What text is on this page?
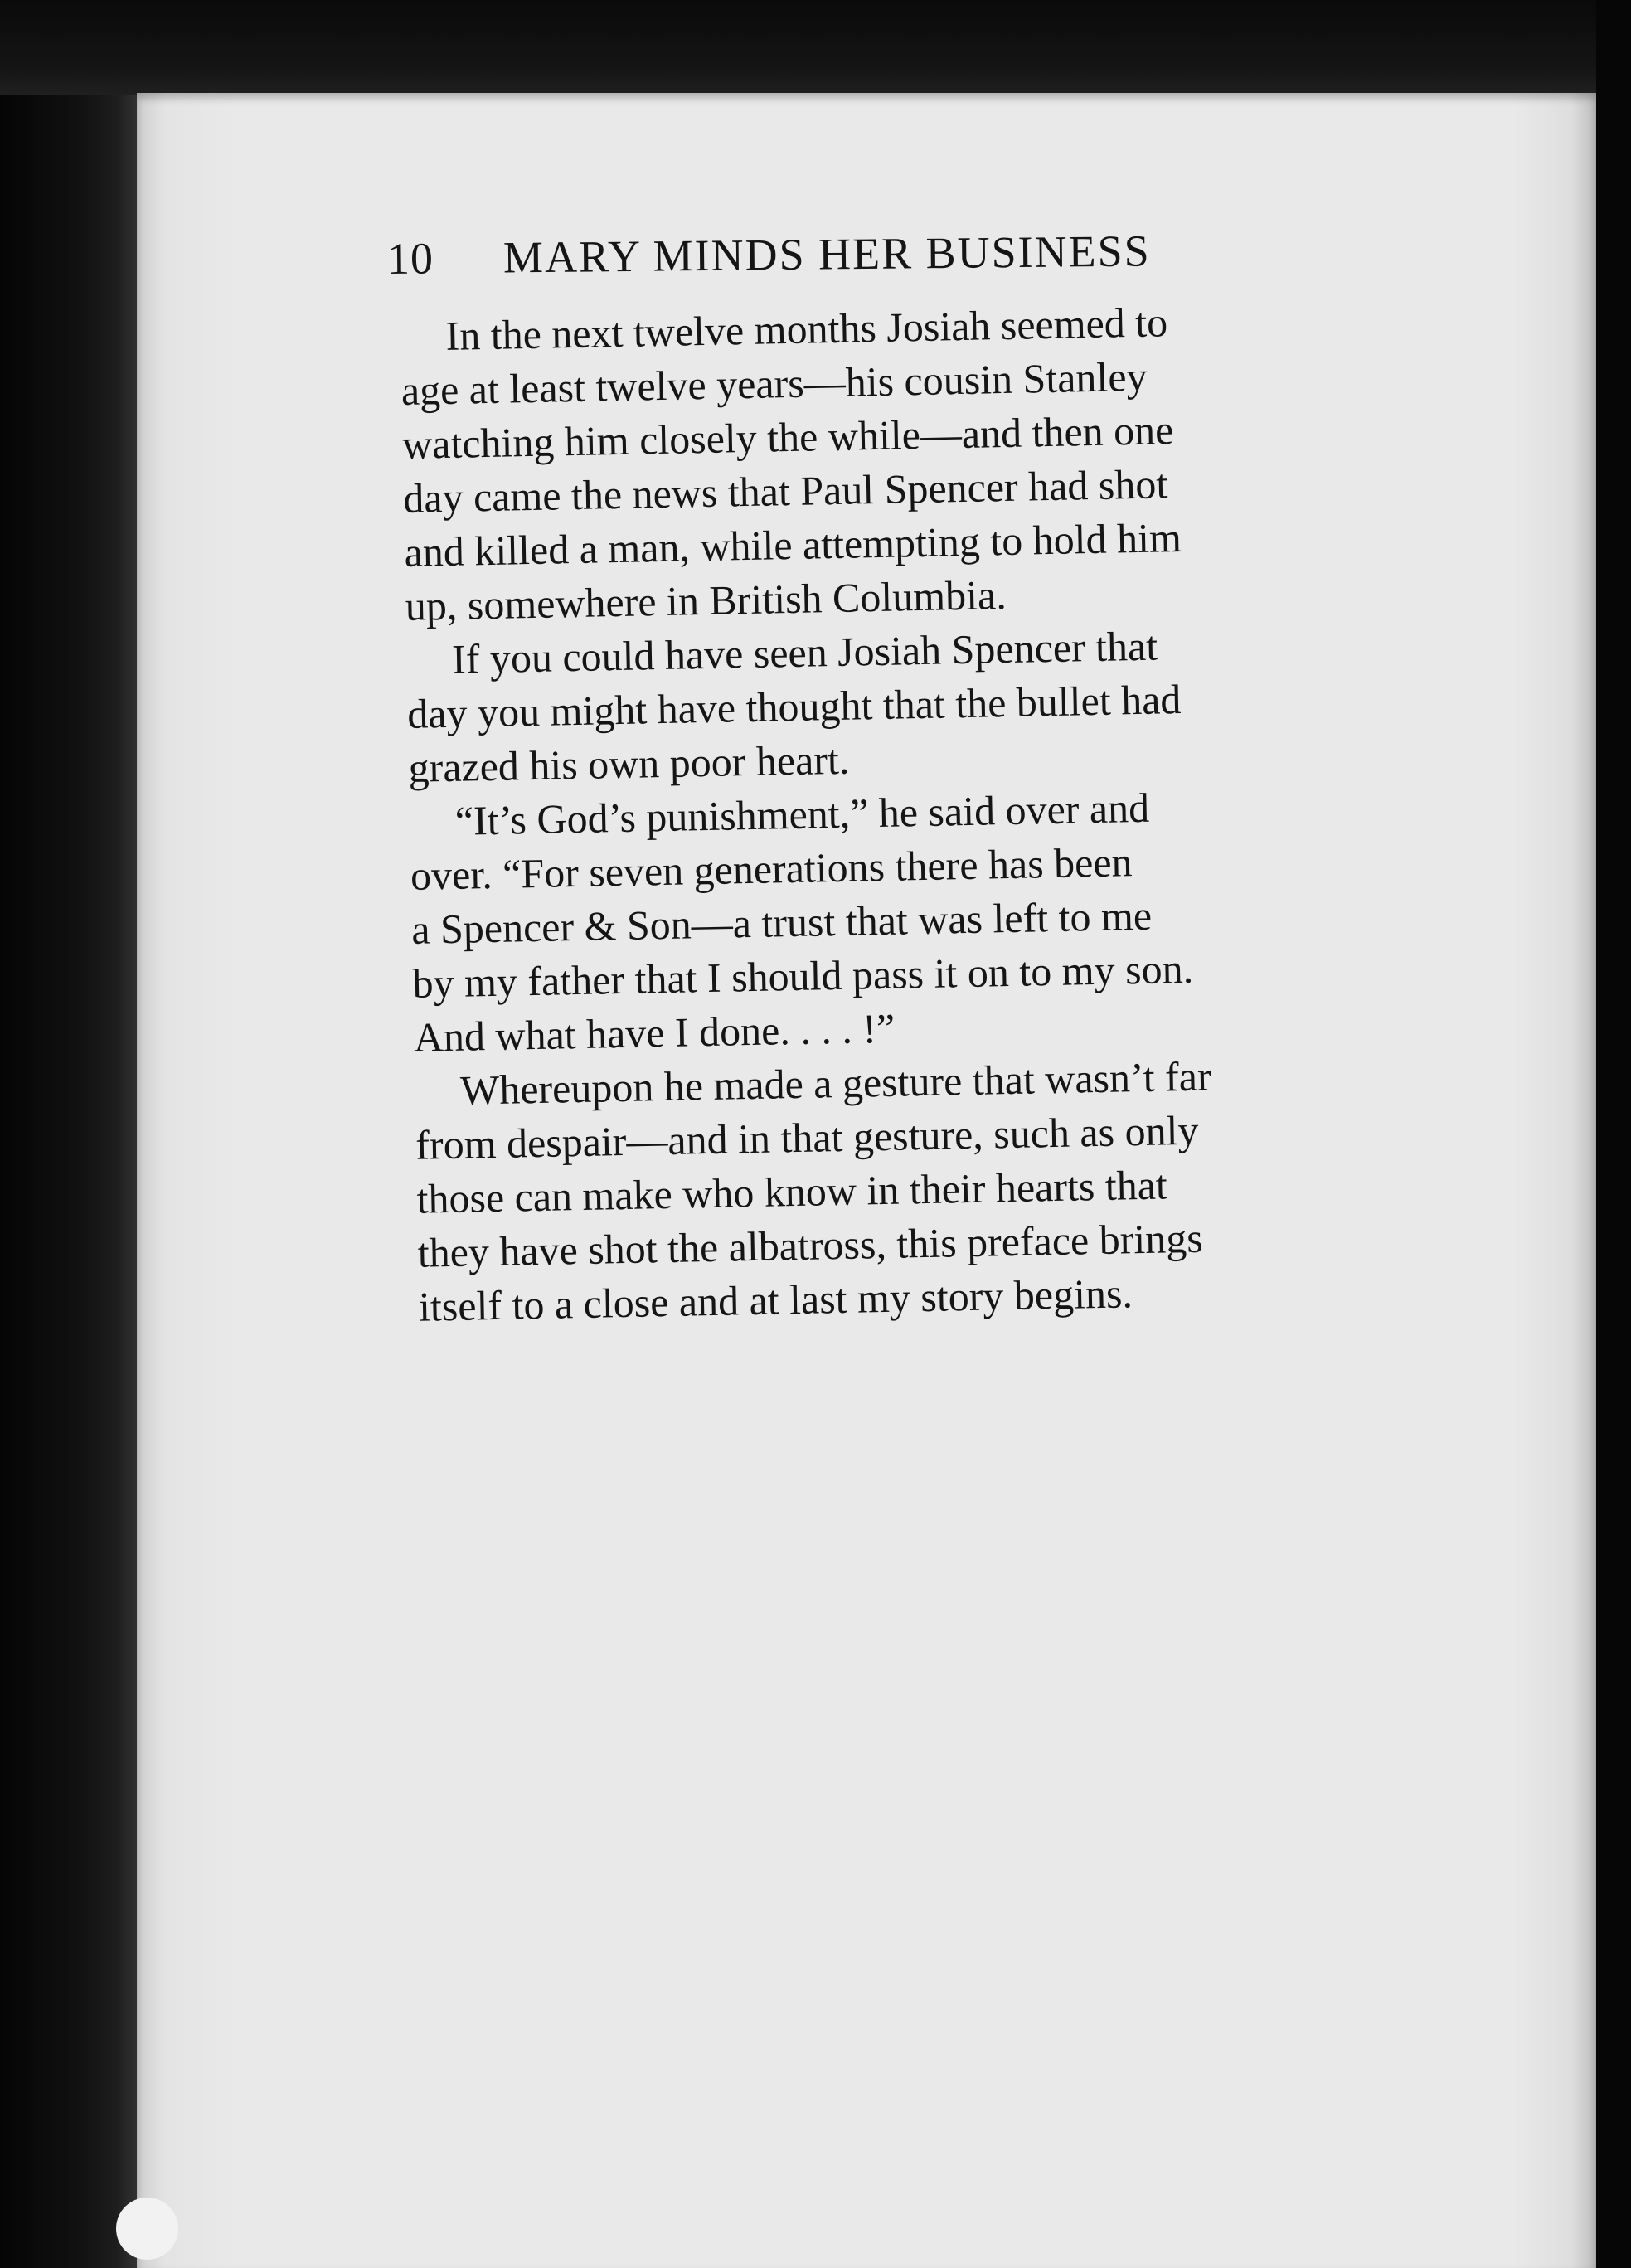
10	MARY MINDS HER BUSINESS

In the next twelve months Josiah seemed to
age at least twelve years—his cousin Stanley
watching him closely the while—and then one
day came the news that Paul Spencer had shot
and killed a man, while attempting to hold him
up, somewhere in British Columbia.

If you could have seen Josiah Spencer that
day you might have thought that the bullet had
grazed his own poor heart.

“It’s God’s punishment,” he said over and
over. “For seven generations there has been
a Spencer & Son—a trust that was left to me
by my father that I should pass it on to my son.
And what have I done. . . . !”

Whereupon he made a gesture that wasn’t far
from despair—and in that gesture, such as only
those can make who know in their hearts that
they have shot the albatross, this preface brings
itself to a close and at last my story begins.
